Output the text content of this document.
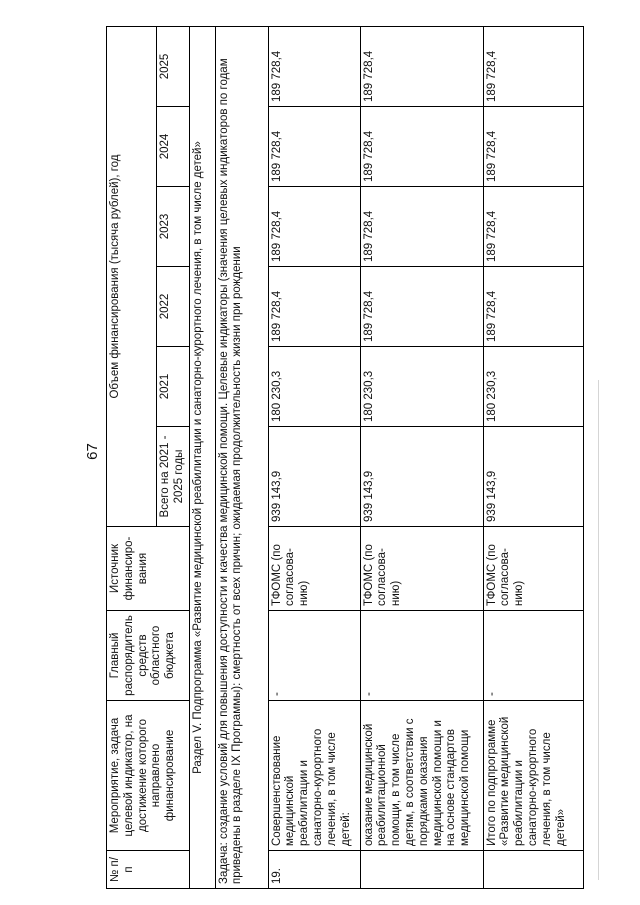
67
№ п/п	Мероприятие, задача целевой индикатор, на достижение которого направлено финансирование	Главный распорядитель средств областного бюджета	Источник финансиро-вания	Объем финансирования (тысяча рублей), год					
				Всего на 2021 - 2025 годы	2021	2022	2023	2024	2025
Раздел V. Подпрограмма «Развитие медицинской реабилитации и санаторно-курортного лечения, в том числе детей»									
Задача: создание условий для повышения доступности и качества медицинской помощи. Целевые индикаторы (значения целевых индикаторов по годам приведены в разделе IX Программы): смертность от всех причин; ожидаемая продолжительность жизни при рождении									
19.	Совершенствование медицинской реабилитации и санаторно-курортного лечения, в том числе детей:	-	ТФОМС (по согласова-нию)	939 143,9	180 230,3	189 728,4	189 728,4	189 728,4	189 728,4
	оказание медицинской реабилитационной помощи, в том числе детям, в соответствии с порядками оказания медицинской помощи и на основе стандартов медицинской помощи	-	ТФОМС (по согласова-нию)	939 143,9	180 230,3	189 728,4	189 728,4	189 728,4	189 728,4
	Итого по подпрограмме «Развитие медицинской реабилитации и санаторно-курортного лечения, в том числе детей»	-	ТФОМС (по согласова-нию)	939 143,9	180 230,3	189 728,4	189 728,4	189 728,4	189 728,4
